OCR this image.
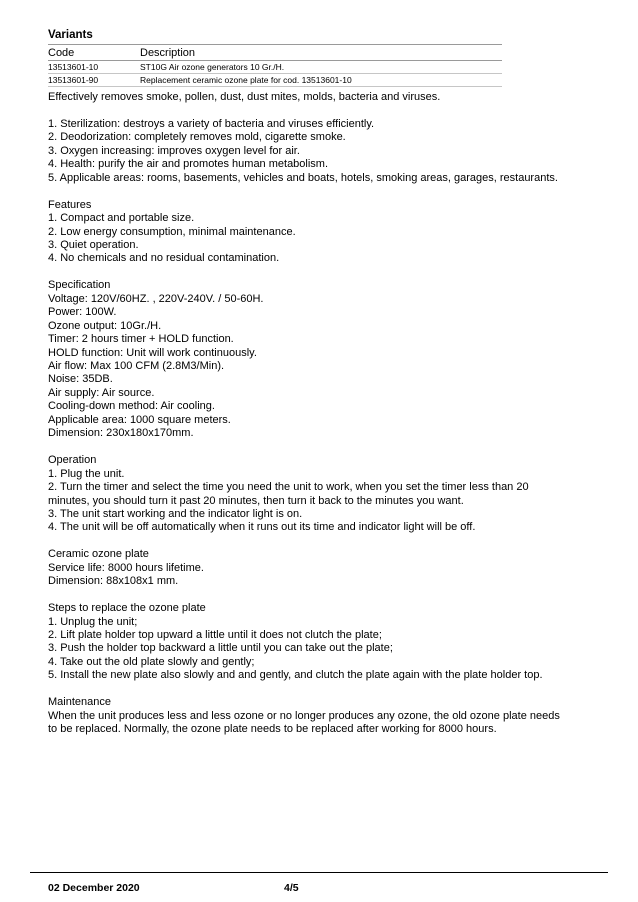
Variants
Code	Description
13513601-10	ST10G Air ozone generators 10 Gr./H.
13513601-90	Replacement ceramic ozone plate for cod. 13513601-10

Effectively removes smoke, pollen, dust, dust mites, molds, bacteria and viruses.

1. Sterilization: destroys a variety of bacteria and viruses efficiently.

2. Deodorization: completely removes mold, cigarette smoke.

3. Oxygen increasing: improves oxygen level for air.

4. Health: purify the air and promotes human metabolism.

5. Applicable areas: rooms, basements, vehicles and boats, hotels, smoking areas, garages, restaurants.

Features

1. Compact and portable size.

2. Low energy consumption, minimal maintenance.

3. Quiet operation.

4. No chemicals and no residual contamination.

Specification

Voltage: 120V/60HZ. , 220V-240V. / 50-60H.

Power: 100W.

Ozone output: 10Gr./H.

Timer: 2 hours timer + HOLD function.

HOLD function: Unit will work continuously.

Air flow: Max 100 CFM (2.8M3/Min).

Noise: 35DB.

Air supply: Air source.

Cooling-down method: Air cooling.

Applicable area: 1000 square meters.

Dimension: 230x180x170mm.

Operation

1. Plug the unit.

2. Turn the timer and select the time you need the unit to work, when you set the timer less than 20

minutes, you should turn it past 20 minutes, then turn it back to the minutes you want.

3. The unit start working and the indicator light is on.

4. The unit will be off automatically when it runs out its time and indicator light will be off.

Ceramic ozone plate

Service life: 8000 hours lifetime.

Dimension: 88x108x1 mm.

Steps to replace the ozone plate

1. Unplug the unit;

2. Lift plate holder top upward a little until it does not clutch the plate;

3. Push the holder top backward a little until you can take out the plate;

4. Take out the old plate slowly and gently;

5. Install the new plate also slowly and and gently, and clutch the plate again with the plate holder top.

Maintenance

When the unit produces less and less ozone or no longer produces any ozone, the old ozone plate needs

to be replaced. Normally, the ozone plate needs to be replaced after working for 8000 hours.

02 December 2020	4/5
